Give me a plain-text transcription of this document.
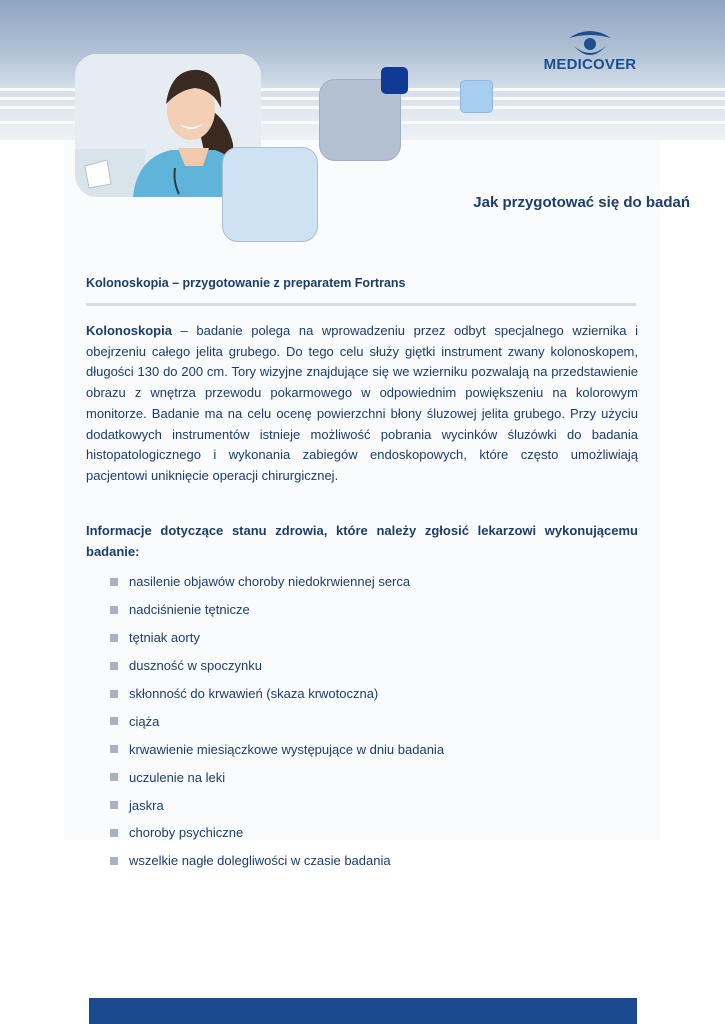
MEDICOVER
Jak przygotować się do badań
Kolonoskopia – przygotowanie z preparatem Fortrans

Kolonoskopia – badanie polega na wprowadzeniu przez odbyt specjalnego wziernika i obejrzeniu całego jelita grubego. Do tego celu służy giętki instrument zwany kolonoskopem, długości 130 do 200 cm. Tory wizyjne znajdujące się we wzierniku pozwalają na przedstawienie obrazu z wnętrza przewodu pokarmowego w odpowiednim powiększeniu na kolorowym monitorze. Badanie ma na celu ocenę powierzchni błony śluzowej jelita grubego. Przy użyciu dodatkowych instrumentów istnieje możliwość pobrania wycinków śluzówki do badania histopatologicznego i wykonania zabiegów endoskopowych, które często umożliwiają pacjentowi uniknięcie operacji chirurgicznej.

Informacje dotyczące stanu zdrowia, które należy zgłosić lekarzowi wykonującemu badanie:

nasilenie objawów choroby niedokrwiennej serca
nadciśnienie tętnicze
tętniak aorty
duszność w spoczynku
skłonność do krwawień (skaza krwotoczna)
ciąża
krwawienie miesiączkowe występujące w dniu badania
uczulenie na leki
jaskra
choroby psychiczne
wszelkie nagłe dolegliwości w czasie badania
